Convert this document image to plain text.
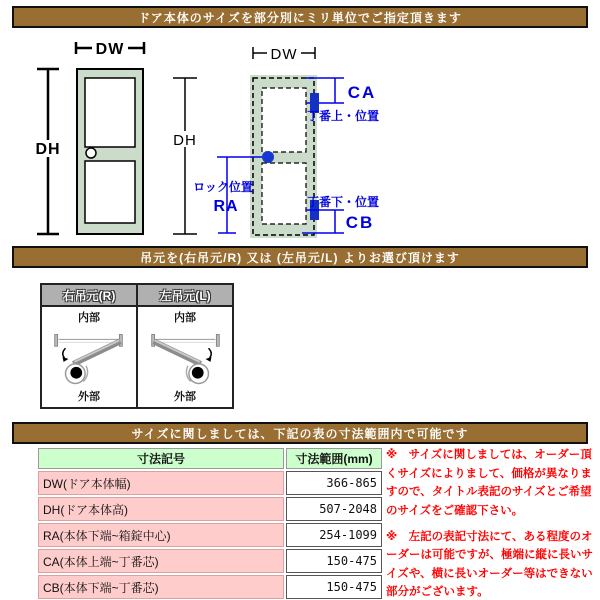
ドア本体のサイズを部分別にミリ単位でご指定頂きます
DW
DH
DH
DW
ロック位置
RA
CA
丁番上・位置
丁番下・位置
CB
吊元を(右吊元/R) 又は (左吊元/L) よりお選び頂けます
右吊元(R)	左吊元(L)
内部
外部
内部
外部
サイズに関しましては、下記の表の寸法範囲内で可能です
寸法記号	寸法範囲(mm)
DW(ドア本体幅)	366-865
DH(ドア本体高)	507-2048
RA(本体下端~箱錠中心)	254-1099
CA(本体上端~丁番芯)	150-475
CB(本体下端~丁番芯)	150-475

※　サイズに関しましては、オーダー頂くサイズによりまして、価格が異なりますので、タイトル表記のサイズとご希望のサイズをご確認下さい。

※　左記の表記寸法にて、ある程度のオーダーは可能ですが、極端に縦に長いサイズや、横に長いオーダー等はできない部分がございます。
